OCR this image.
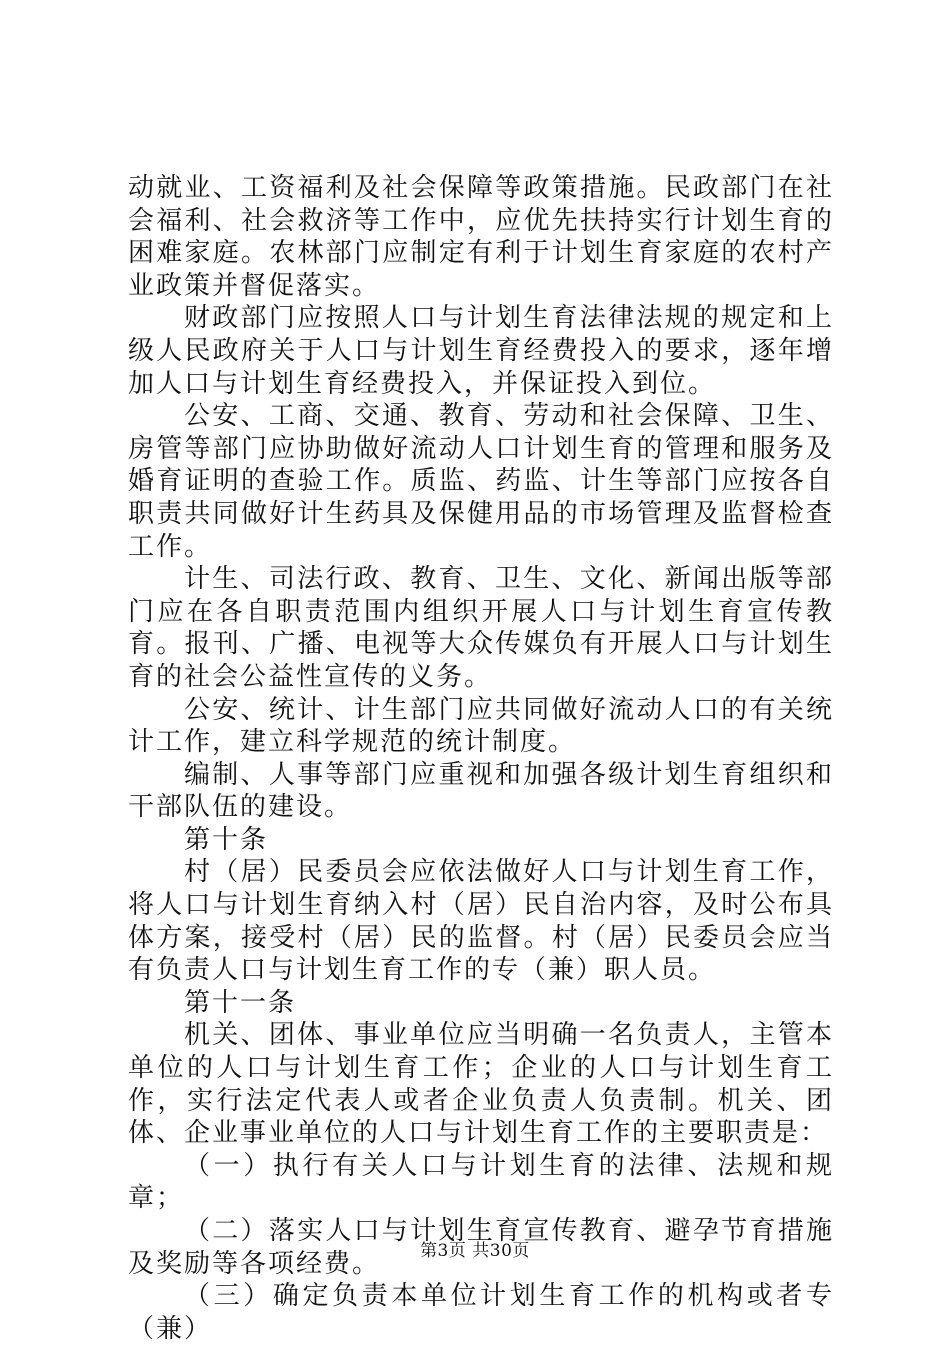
动就业、工资福利及社会保障等政策措施。民政部门在社会福利、社会救济等工作中，应优先扶持实行计划生育的困难家庭。农林部门应制定有利于计划生育家庭的农村产业政策并督促落实。

财政部门应按照人口与计划生育法律法规的规定和上级人民政府关于人口与计划生育经费投入的要求，逐年增加人口与计划生育经费投入，并保证投入到位。

公安、工商、交通、教育、劳动和社会保障、卫生、房管等部门应协助做好流动人口计划生育的管理和服务及婚育证明的查验工作。质监、药监、计生等部门应按各自职责共同做好计生药具及保健用品的市场管理及监督检查工作。

计生、司法行政、教育、卫生、文化、新闻出版等部门应在各自职责范围内组织开展人口与计划生育宣传教育。报刊、广播、电视等大众传媒负有开展人口与计划生育的社会公益性宣传的义务。

公安、统计、计生部门应共同做好流动人口的有关统计工作，建立科学规范的统计制度。

编制、人事等部门应重视和加强各级计划生育组织和干部队伍的建设。

第十条

村（居）民委员会应依法做好人口与计划生育工作，将人口与计划生育纳入村（居）民自治内容，及时公布具体方案，接受村（居）民的监督。村（居）民委员会应当有负责人口与计划生育工作的专（兼）职人员。

第十一条

机关、团体、事业单位应当明确一名负责人，主管本单位的人口与计划生育工作；企业的人口与计划生育工作，实行法定代表人或者企业负责人负责制。机关、团体、企业事业单位的人口与计划生育工作的主要职责是：

（一）执行有关人口与计划生育的法律、法规和规章；

（二）落实人口与计划生育宣传教育、避孕节育措施及奖励等各项经费。

（三）确定负责本单位计划生育工作的机构或者专（兼）

第3页 共30页
